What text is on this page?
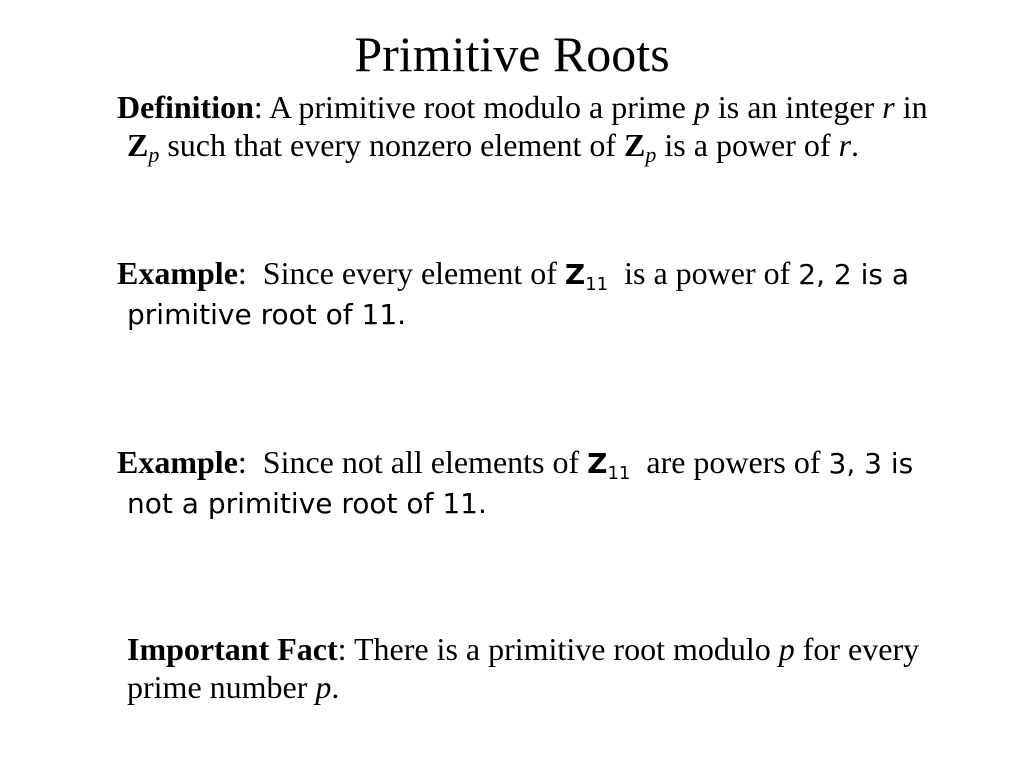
Primitive Roots
Definition: A primitive root modulo a prime p is an integer r in $Z_p$ such that every nonzero element of $Z_p$ is a power of r.
Example:  Since every element of $Z_{11}$  is a power of 2, 2 is a primitive root of 11.
Example:  Since not all elements of $Z_{11}$  are powers of 3, 3 is not a primitive root of 11.
Important Fact: There is a primitive root modulo p for every prime number p.
